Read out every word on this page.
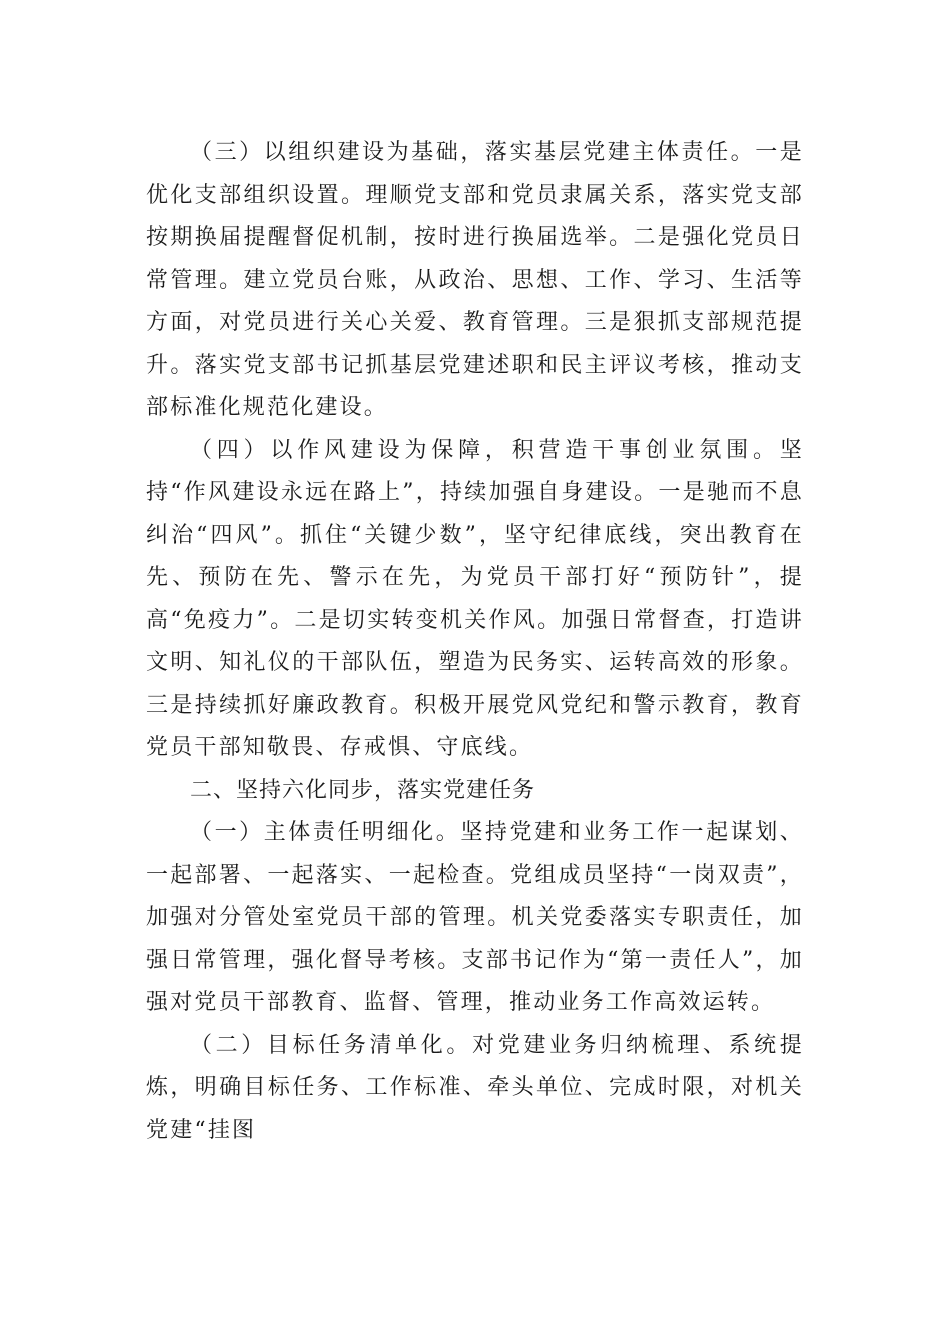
（三）以组织建设为基础，落实基层党建主体责任。一是优化支部组织设置。理顺党支部和党员隶属关系，落实党支部按期换届提醒督促机制，按时进行换届选举。二是强化党员日常管理。建立党员台账，从政治、思想、工作、学习、生活等方面，对党员进行关心关爱、教育管理。三是狠抓支部规范提升。落实党支部书记抓基层党建述职和民主评议考核，推动支部标准化规范化建设。

（四）以作风建设为保障，积营造干事创业氛围。坚持“作风建设永远在路上”，持续加强自身建设。一是驰而不息纠治“四风”。抓住“关键少数”，坚守纪律底线，突出教育在先、预防在先、警示在先，为党员干部打好“预防针”，提高“免疫力”。二是切实转变机关作风。加强日常督查，打造讲文明、知礼仪的干部队伍，塑造为民务实、运转高效的形象。三是持续抓好廉政教育。积极开展党风党纪和警示教育，教育党员干部知敬畏、存戒惧、守底线。

二、坚持六化同步，落实党建任务

（一）主体责任明细化。坚持党建和业务工作一起谋划、一起部署、一起落实、一起检查。党组成员坚持“一岗双责”，加强对分管处室党员干部的管理。机关党委落实专职责任，加强日常管理，强化督导考核。支部书记作为“第一责任人”，加强对党员干部教育、监督、管理，推动业务工作高效运转。

（二）目标任务清单化。对党建业务归纳梳理、系统提炼，明确目标任务、工作标准、牵头单位、完成时限，对机关党建“挂图
